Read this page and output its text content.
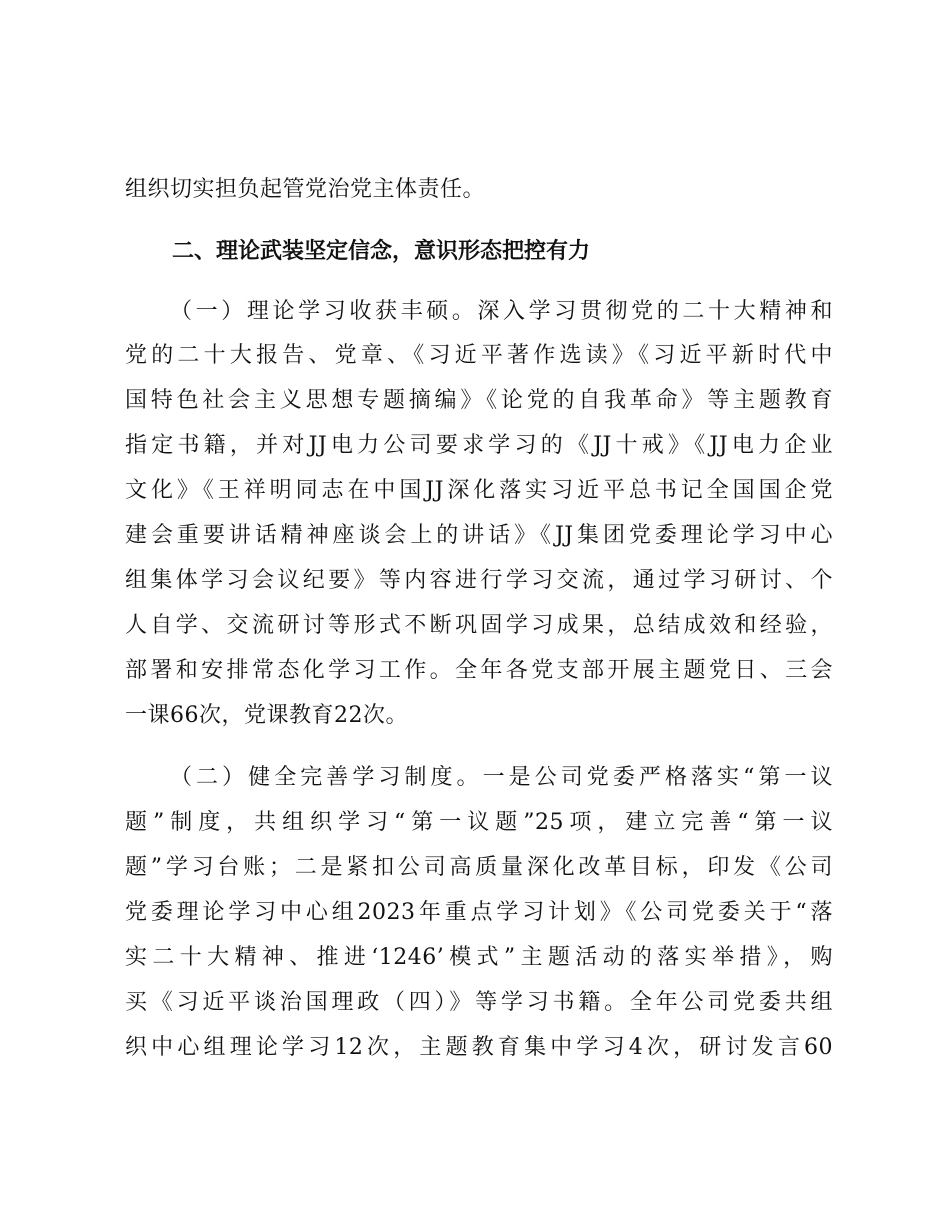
组织切实担负起管党治党主体责任。
二、理论武装坚定信念，意识形态把控有力
（一）理论学习收获丰硕。深入学习贯彻党的二十大精神和
党的二十大报告、党章、《习近平著作选读》《习近平新时代中
国特色社会主义思想专题摘编》《论党的自我革命》等主题教育
指定书籍，并对JJ电力公司要求学习的《JJ十戒》《JJ电力企业
文化》《王祥明同志在中国JJ深化落实习近平总书记全国国企党
建会重要讲话精神座谈会上的讲话》《JJ集团党委理论学习中心
组集体学习会议纪要》等内容进行学习交流，通过学习研讨、个
人自学、交流研讨等形式不断巩固学习成果，总结成效和经验，
部署和安排常态化学习工作。全年各党支部开展主题党日、三会
一课66次，党课教育22次。
（二）健全完善学习制度。一是公司党委严格落实“第一议
题”制度，共组织学习“第一议题”25项，建立完善“第一议
题”学习台账；二是紧扣公司高质量深化改革目标，印发《公司
党委理论学习中心组2023年重点学习计划》《公司党委关于“落
实二十大精神、推进‘1246’模式”主题活动的落实举措》，购
买《习近平谈治国理政（四）》等学习书籍。全年公司党委共组
织中心组理论学习12次，主题教育集中学习4次，研讨发言60
